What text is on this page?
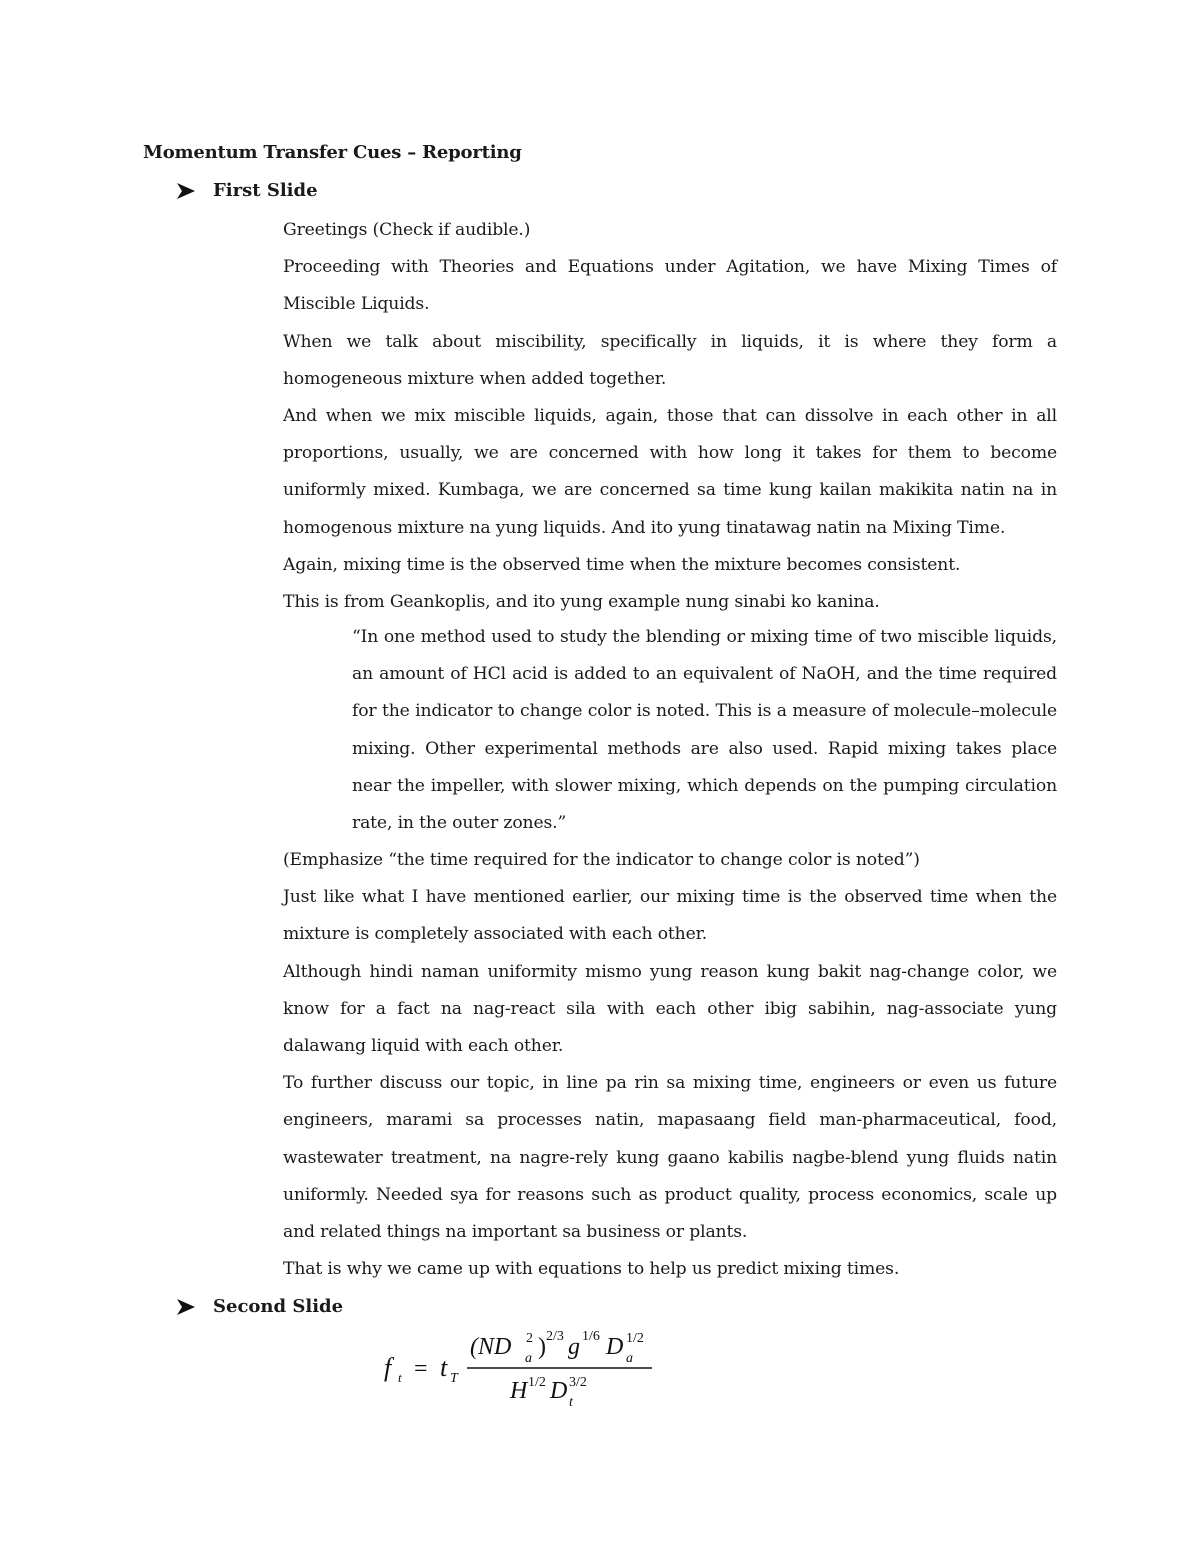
Momentum Transfer Cues – Reporting
First Slide

Greetings (Check if audible.)

Proceeding with Theories and Equations under Agitation, we have Mixing Times of Miscible Liquids.

When we talk about miscibility, specifically in liquids, it is where they form a homogeneous mixture when added together.

And when we mix miscible liquids, again, those that can dissolve in each other in all proportions, usually, we are concerned with how long it takes for them to become uniformly mixed. Kumbaga, we are concerned sa time kung kailan makikita natin na in homogenous mixture na yung liquids. And ito yung tinatawag natin na Mixing Time.

Again, mixing time is the observed time when the mixture becomes consistent.

This is from Geankoplis, and ito yung example nung sinabi ko kanina.

“In one method used to study the blending or mixing time of two miscible liquids, an amount of HCl acid is added to an equivalent of NaOH, and the time required for the indicator to change color is noted. This is a measure of molecule–molecule mixing. Other experimental methods are also used. Rapid mixing takes place near the impeller, with slower mixing, which depends on the pumping circulation rate, in the outer zones.”

(Emphasize “the time required for the indicator to change color is noted”)

Just like what I have mentioned earlier, our mixing time is the observed time when the mixture is completely associated with each other.

Although hindi naman uniformity mismo yung reason kung bakit nag-change color, we know for a fact na nag-react sila with each other ibig sabihin, nag-associate yung dalawang liquid with each other.

To further discuss our topic, in line pa rin sa mixing time, engineers or even us future engineers, marami sa processes natin, mapasaang field man-pharmaceutical, food, wastewater treatment, na nagre-rely kung gaano kabilis nagbe-blend yung fluids natin uniformly. Needed sya for reasons such as product quality, process economics, scale up and related things na important sa business or plants.

That is why we came up with equations to help us predict mixing times.

Second Slide
f t = t T
(ND 2
a ) 2/3 g 1/6 D 1/2
a
H 1/2 D 3/2
t
